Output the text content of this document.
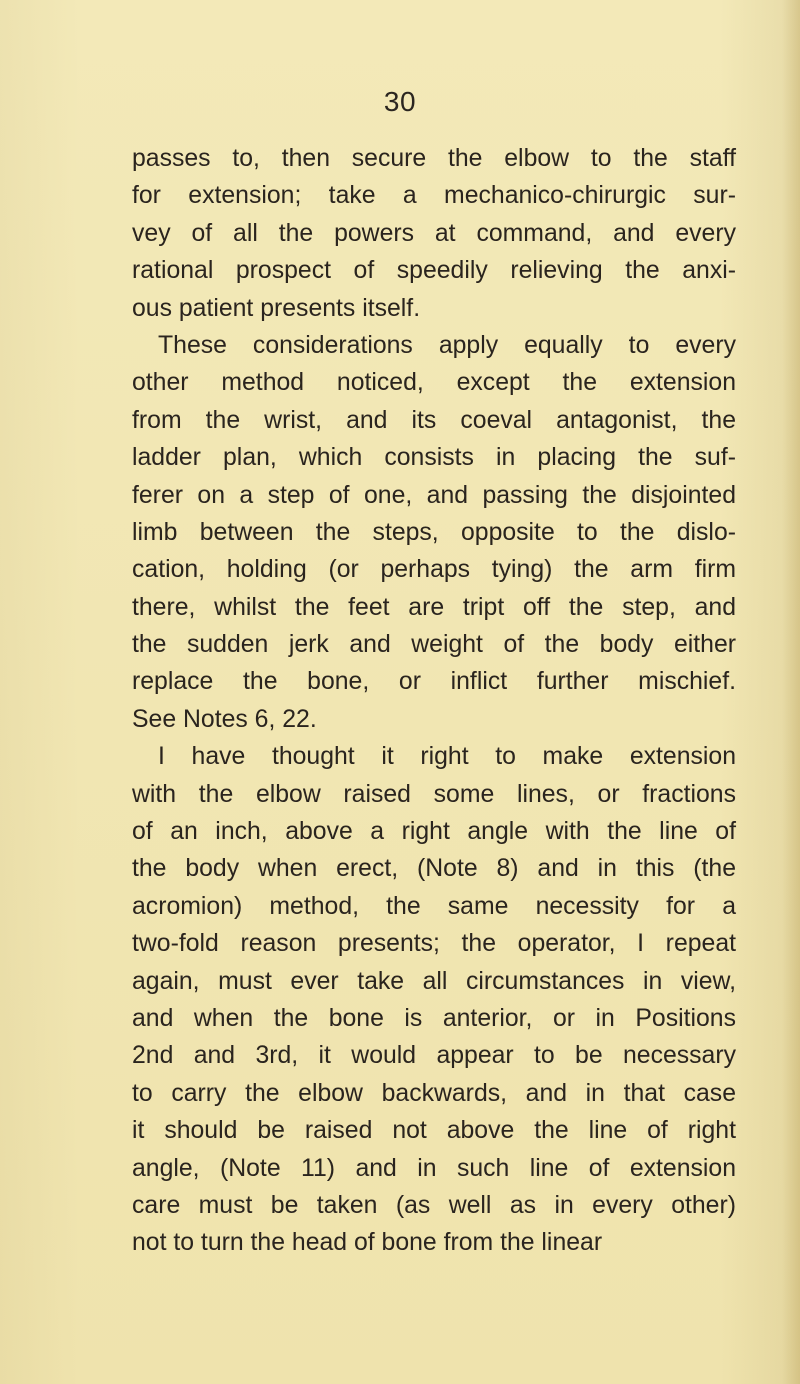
30
passes to, then secure the elbow to the staff
for extension; take a mechanico-chirurgic sur-
vey of all the powers at command, and every
rational prospect of speedily relieving the anxi-
ous patient presents itself.
These considerations apply equally to every
other method noticed, except the extension
from the wrist, and its coeval antagonist, the
ladder plan, which consists in placing the suf-
ferer on a step of one, and passing the disjointed
limb between the steps, opposite to the dislo-
cation, holding (or perhaps tying) the arm firm
there, whilst the feet are tript off the step, and
the sudden jerk and weight of the body either
replace the bone, or inflict further mischief.
See Notes 6, 22.
I have thought it right to make extension
with the elbow raised some lines, or fractions
of an inch, above a right angle with the line of
the body when erect, (Note 8) and in this (the
acromion) method, the same necessity for a
two-fold reason presents; the operator, I repeat
again, must ever take all circumstances in view,
and when the bone is anterior, or in Positions
2nd and 3rd, it would appear to be necessary
to carry the elbow backwards, and in that case
it should be raised not above the line of right
angle, (Note 11) and in such line of extension
care must be taken (as well as in every other)
not to turn the head of bone from the linear
